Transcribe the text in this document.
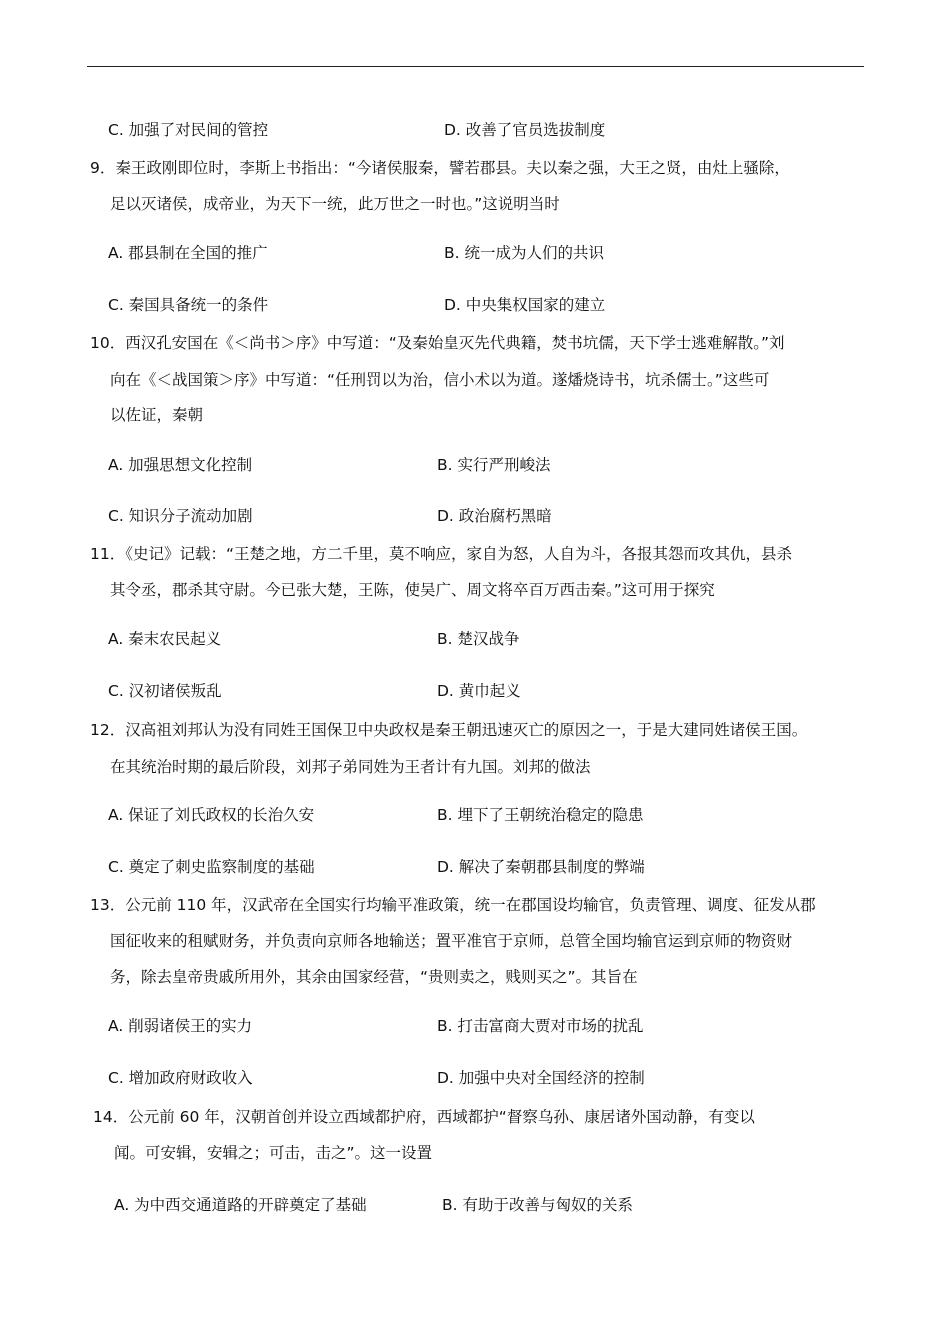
C. 加强了对民间的管控	D. 改善了官员选拔制度
9．秦王政刚即位时，李斯上书指出：“今诸侯服秦，譬若郡县。夫以秦之强，大王之贤，由灶上骚除，
足以灭诸侯，成帝业，为天下一统，此万世之一时也。”这说明当时
A. 郡县制在全国的推广	B. 统一成为人们的共识
C. 秦国具备统一的条件	D. 中央集权国家的建立
10．西汉孔安国在《＜尚书＞序》中写道：“及秦始皇灭先代典籍，焚书坑儒，天下学士逃难解散。”刘
向在《＜战国策＞序》中写道：“任刑罚以为治，信小术以为道。遂燔烧诗书，坑杀儒士。”这些可
以佐证，秦朝
A. 加强思想文化控制	B. 实行严刑峻法
C. 知识分子流动加剧	D. 政治腐朽黑暗
11．《史记》记载：“王楚之地，方二千里，莫不响应，家自为怒，人自为斗，各报其怨而攻其仇，县杀
其令丞，郡杀其守尉。今已张大楚，王陈，使吴广、周文将卒百万西击秦。”这可用于探究
A. 秦末农民起义	B. 楚汉战争
C. 汉初诸侯叛乱	D. 黄巾起义
12．汉高祖刘邦认为没有同姓王国保卫中央政权是秦王朝迅速灭亡的原因之一，于是大建同姓诸侯王国。
在其统治时期的最后阶段，刘邦子弟同姓为王者计有九国。刘邦的做法
A. 保证了刘氏政权的长治久安	B. 埋下了王朝统治稳定的隐患
C. 奠定了刺史监察制度的基础	D. 解决了秦朝郡县制度的弊端
13．公元前 110 年，汉武帝在全国实行均输平准政策，统一在郡国设均输官，负责管理、调度、征发从郡
国征收来的租赋财务，并负责向京师各地输送；置平准官于京师，总管全国均输官运到京师的物资财
务，除去皇帝贵戚所用外，其余由国家经营，“贵则卖之，贱则买之”。其旨在
A. 削弱诸侯王的实力	B. 打击富商大贾对市场的扰乱
C. 增加政府财政收入	D. 加强中央对全国经济的控制
14．公元前 60 年，汉朝首创并设立西域都护府，西域都护“督察乌孙、康居诸外国动静，有变以
闻。可安辑，安辑之；可击，击之”。这一设置
A. 为中西交通道路的开辟奠定了基础	B. 有助于改善与匈奴的关系
